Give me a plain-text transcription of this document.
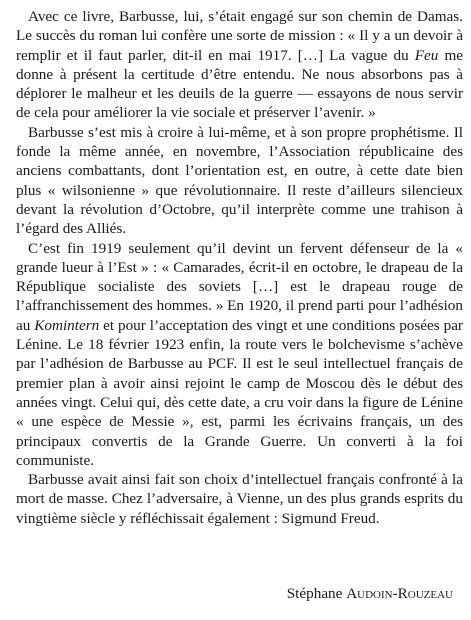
Avec ce livre, Barbusse, lui, s’était engagé sur son chemin de Damas. Le succès du roman lui confère une sorte de mission : « Il y a un devoir à remplir et il faut parler, dit-il en mai 1917. […] La vague du Feu me donne à présent la certitude d’être entendu. Ne nous absorbons pas à déplorer le malheur et les deuils de la guerre — essayons de nous servir de cela pour améliorer la vie sociale et préserver l’avenir. »

Barbusse s’est mis à croire à lui-même, et à son propre prophétisme. Il fonde la même année, en novembre, l’Association républicaine des anciens combattants, dont l’orientation est, en outre, à cette date bien plus « wilsonienne » que révolutionnaire. Il reste d’ailleurs silencieux devant la révolution d’Octobre, qu’il interprète comme une trahison à l’égard des Alliés.

C’est fin 1919 seulement qu’il devint un fervent défenseur de la « grande lueur à l’Est » : « Camarades, écrit-il en octobre, le drapeau de la République socialiste des soviets […] est le drapeau rouge de l’affranchissement des hommes. » En 1920, il prend parti pour l’adhésion au Komintern et pour l’acceptation des vingt et une conditions posées par Lénine. Le 18 février 1923 enfin, la route vers le bolchevisme s’achève par l’adhésion de Barbusse au PCF. Il est le seul intellectuel français de premier plan à avoir ainsi rejoint le camp de Moscou dès le début des années vingt. Celui qui, dès cette date, a cru voir dans la figure de Lénine « une espèce de Messie », est, parmi les écrivains français, un des principaux convertis de la Grande Guerre. Un converti à la foi communiste.

Barbusse avait ainsi fait son choix d’intellectuel français confronté à la mort de masse. Chez l’adversaire, à Vienne, un des plus grands esprits du vingtième siècle y réfléchissait également : Sigmund Freud.

Stéphane Audoin-Rouzeau
